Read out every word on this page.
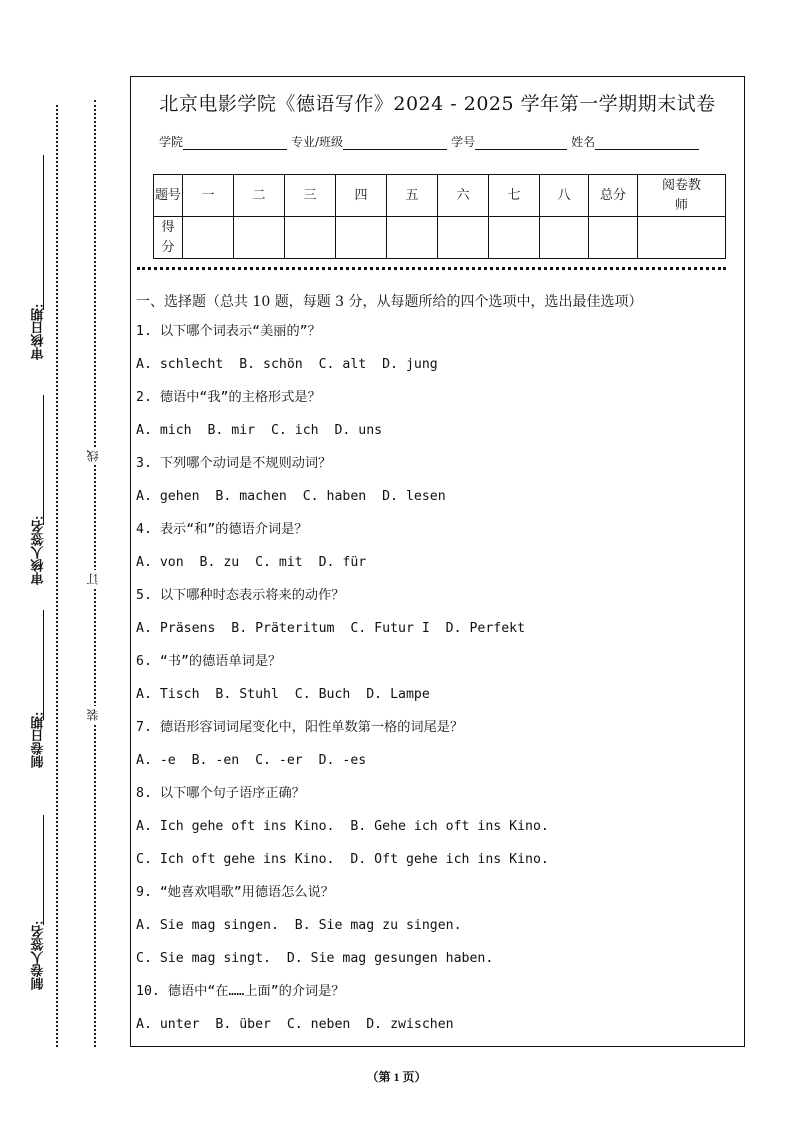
审核日期:
审核人签名:
制卷日期:
制卷人签名:
线
订
装
北京电影学院《德语写作》2024 - 2025 学年第一学期期末试卷
学院	专业/班级	学号	姓名
题号	一	二	三	四	五	六	七	八	总分	阅卷教师
得分										
一、选择题（总共 10 题，每题 3 分，从每题所给的四个选项中，选出最佳选项）
1. 以下哪个词表示“美丽的”？
A. schlecht  B. schön  C. alt  D. jung
2. 德语中“我”的主格形式是？
A. mich  B. mir  C. ich  D. uns
3. 下列哪个动词是不规则动词？
A. gehen  B. machen  C. haben  D. lesen
4. 表示“和”的德语介词是？
A. von  B. zu  C. mit  D. für
5. 以下哪种时态表示将来的动作？
A. Präsens  B. Präteritum  C. Futur I  D. Perfekt
6. “书”的德语单词是？
A. Tisch  B. Stuhl  C. Buch  D. Lampe
7. 德语形容词词尾变化中，阳性单数第一格的词尾是？
A. -e  B. -en  C. -er  D. -es
8. 以下哪个句子语序正确？
A. Ich gehe oft ins Kino.  B. Gehe ich oft ins Kino.
C. Ich oft gehe ins Kino.  D. Oft gehe ich ins Kino.
9. “她喜欢唱歌”用德语怎么说？
A. Sie mag singen.  B. Sie mag zu singen.
C. Sie mag singt.  D. Sie mag gesungen haben.
10. 德语中“在……上面”的介词是？
A. unter  B. über  C. neben  D. zwischen
（第 1 页）
